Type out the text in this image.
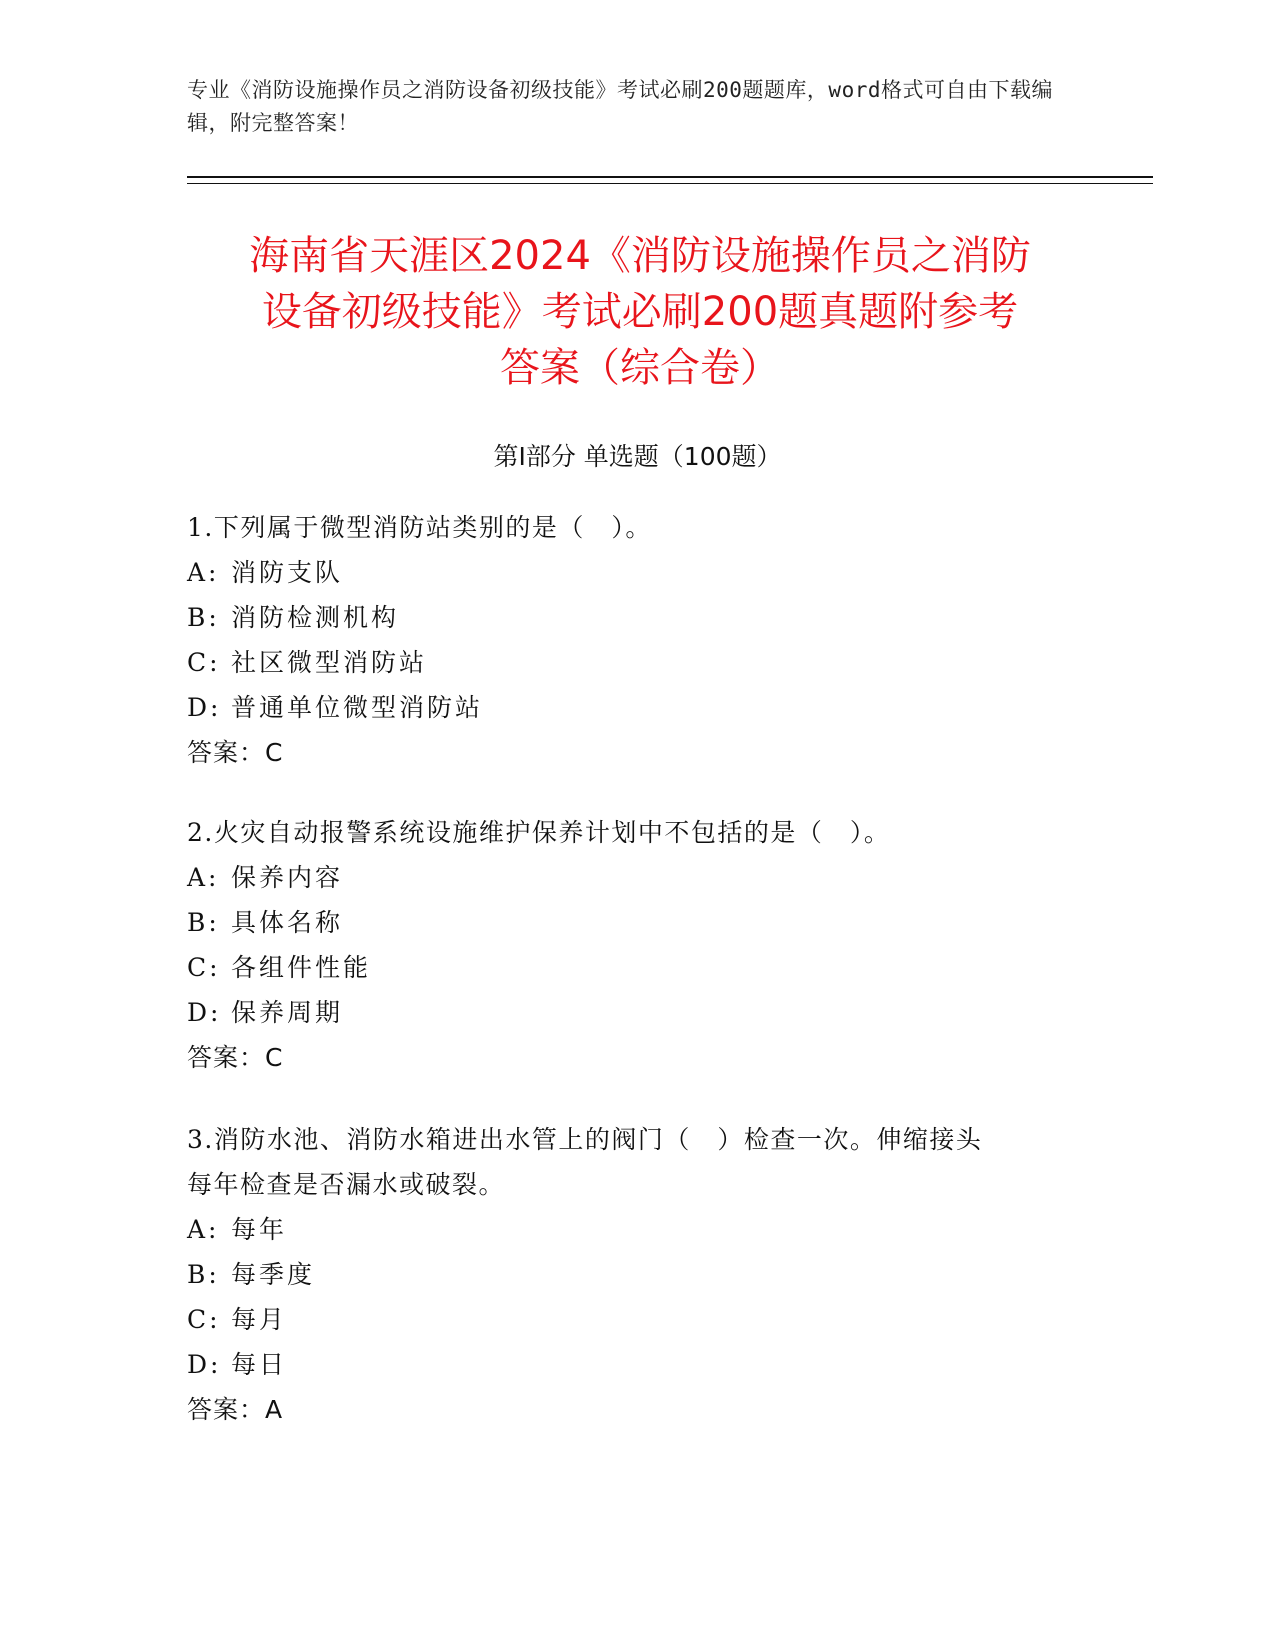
专业《消防设施操作员之消防设备初级技能》考试必刷200题题库，word格式可自由下载编辑，附完整答案！
海南省天涯区2024《消防设施操作员之消防
设备初级技能》考试必刷200题真题附参考
答案（综合卷）
第I部分 单选题（100题）
1.下列属于微型消防站类别的是（　）。
A: 消防支队
B: 消防检测机构
C: 社区微型消防站
D: 普通单位微型消防站
答案：C
2.火灾自动报警系统设施维护保养计划中不包括的是（　）。
A: 保养内容
B: 具体名称
C: 各组件性能
D: 保养周期
答案：C
3.消防水池、消防水箱进出水管上的阀门（　）检查一次。伸缩接头
每年检查是否漏水或破裂。
A: 每年
B: 每季度
C: 每月
D: 每日
答案：A
